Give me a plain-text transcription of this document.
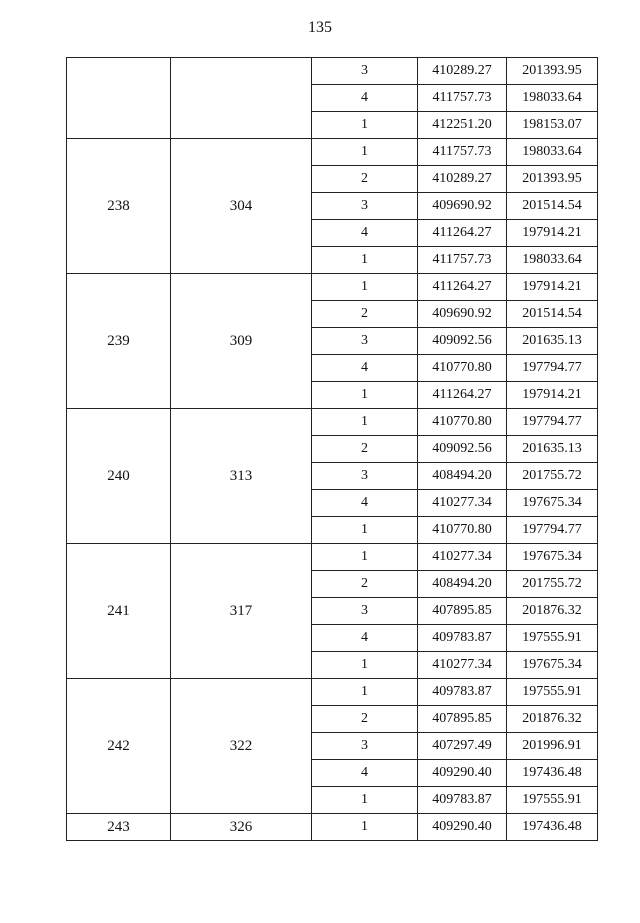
135
		3	410289.27	201393.95
		4	411757.73	198033.64
		1	412251.20	198153.07
238	304	1	411757.73	198033.64
		2	410289.27	201393.95
		3	409690.92	201514.54
		4	411264.27	197914.21
		1	411757.73	198033.64
239	309	1	411264.27	197914.21
		2	409690.92	201514.54
		3	409092.56	201635.13
		4	410770.80	197794.77
		1	411264.27	197914.21
240	313	1	410770.80	197794.77
		2	409092.56	201635.13
		3	408494.20	201755.72
		4	410277.34	197675.34
		1	410770.80	197794.77
241	317	1	410277.34	197675.34
		2	408494.20	201755.72
		3	407895.85	201876.32
		4	409783.87	197555.91
		1	410277.34	197675.34
242	322	1	409783.87	197555.91
		2	407895.85	201876.32
		3	407297.49	201996.91
		4	409290.40	197436.48
		1	409783.87	197555.91
243	326	1	409290.40	197436.48
